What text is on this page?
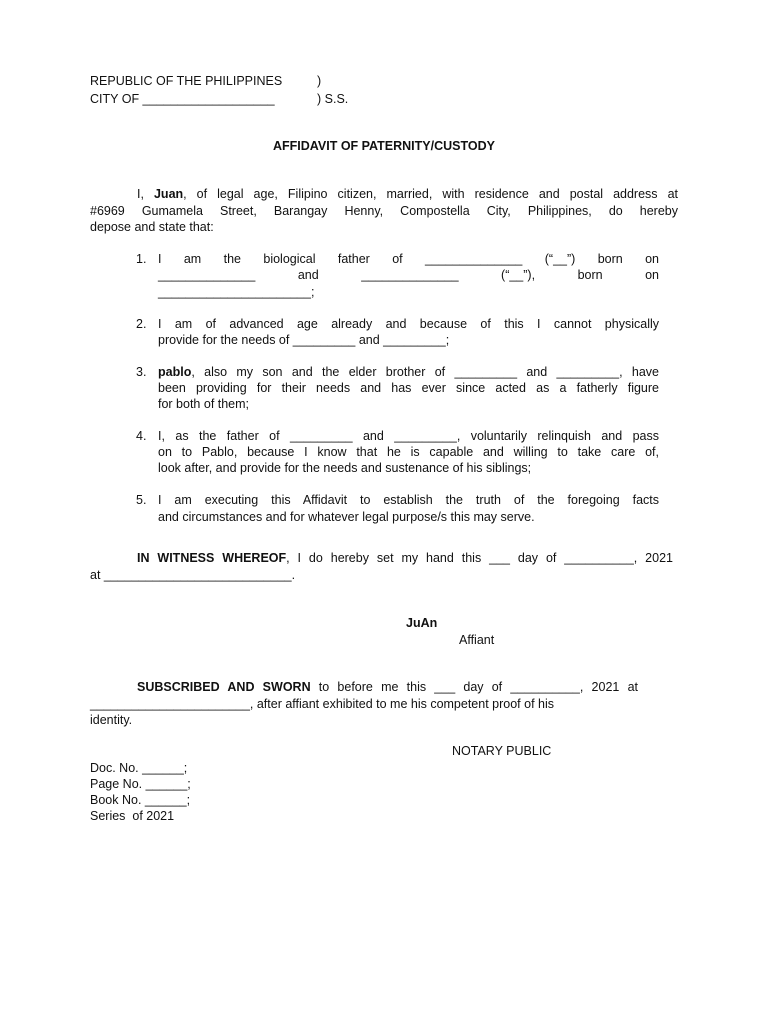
REPUBLIC OF THE PHILIPPINES	)
CITY OF ___________________	) S.S.
AFFIDAVIT OF PATERNITY/CUSTODY
I, Juan, of legal age, Filipino citizen, married, with residence and postal address at
#6969 Gumamela Street, Barangay Henny, Compostella City, Philippines, do hereby
depose and state that:
1. I am the biological father of ______________ (“__”) born on
______________ and ______________ (“__”), born on
______________________;
2. I am of advanced age already and because of this I cannot physically
provide for the needs of _________ and _________;
3. pablo, also my son and the elder brother of _________ and _________, have
been providing for their needs and has ever since acted as a fatherly figure
for both of them;
4. I, as the father of _________ and _________, voluntarily relinquish and pass
on to Pablo, because I know that he is capable and willing to take care of,
look after, and provide for the needs and sustenance of his siblings;
5. I am executing this Affidavit to establish the truth of the foregoing facts
and circumstances and for whatever legal purpose/s this may serve.
IN WITNESS WHEREOF, I do hereby set my hand this ___ day of __________, 2021
at ___________________________.
JuAn
Affiant
SUBSCRIBED AND SWORN to before me this ___ day of __________, 2021 at
_______________________, after affiant exhibited to me his competent proof of his
identity.
NOTARY PUBLIC
Doc. No. ______;
Page No. ______;
Book No. ______;
Series  of 2021
